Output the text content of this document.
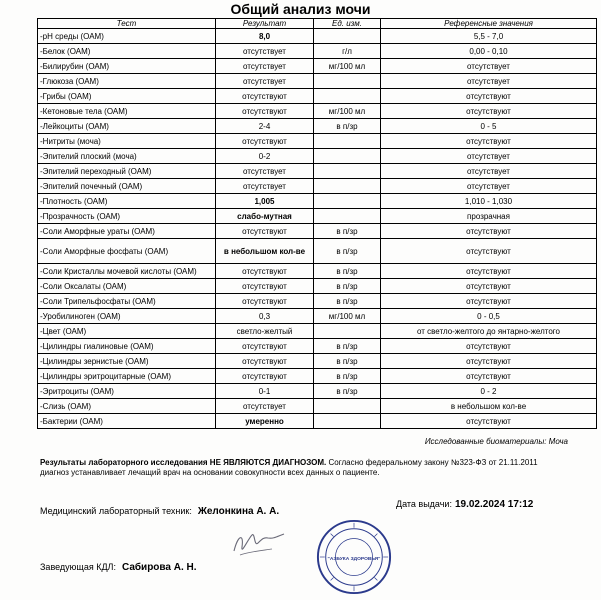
Общий анализ мочи
Тест	Результат	Ед. изм.	Референсные значения
-pH среды (ОАМ)	8,0		5,5 - 7,0
-Белок (ОАМ)	отсутствует	г/л	0,00 - 0,10
-Билирубин (ОАМ)	отсутствует	мг/100 мл	отсутствует
-Глюкоза (ОАМ)	отсутствует		отсутствует
-Грибы (ОАМ)	отсутствуют		отсутствуют
-Кетоновые тела (ОАМ)	отсутствуют	мг/100 мл	отсутствуют
-Лейкоциты (ОАМ)	2-4	в п/зр	0 - 5
-Нитриты (моча)	отсутствуют		отсутствуют
-Эпителий плоский (моча)	0-2		отсутствует
-Эпителий переходный (ОАМ)	отсутствует		отсутствует
-Эпителий почечный (ОАМ)	отсутствует		отсутствует
-Плотность (ОАМ)	1,005		1,010 - 1,030
-Прозрачность (ОАМ)	слабо-мутная		прозрачная
-Соли Аморфные ураты (ОАМ)	отсутствуют	в п/зр	отсутствуют
-Соли Аморфные фосфаты (ОАМ)	в небольшом кол-ве	в п/зр	отсутствуют
-Соли Кристаллы мочевой кислоты (ОАМ)	отсутствуют	в п/зр	отсутствуют
-Соли Оксалаты (ОАМ)	отсутствуют	в п/зр	отсутствуют
-Соли Трипельфосфаты (ОАМ)	отсутствуют	в п/зр	отсутствуют
-Уробилиноген (ОАМ)	0,3	мг/100 мл	0 - 0,5
-Цвет (ОАМ)	светло-желтый		от светло-желтого до янтарно-желтого
-Цилиндры гиалиновые (ОАМ)	отсутствуют	в п/зр	отсутствуют
-Цилиндры зернистые (ОАМ)	отсутствуют	в п/зр	отсутствуют
-Цилиндры эритроцитарные (ОАМ)	отсутствуют	в п/зр	отсутствуют
-Эритроциты (ОАМ)	0-1	в п/зр	0 - 2
-Слизь (ОАМ)	отсутствует		в небольшом кол-ве
-Бактерии (ОАМ)	умеренно		отсутствуют
Исследованные биоматериалы: Моча
Результаты лабораторного исследования НЕ ЯВЛЯЮТСЯ ДИАГНОЗОМ. Согласно федеральному закону №323-ФЗ от 21.11.2011 диагноз устанавливает лечащий врач на основании совокупности всех данных о пациенте.
Дата выдачи: 19.02.2024 17:12
Медицинский лабораторный техник: Желонкина А. А.
"АЗБУКА ЗДОРОВЬЯ"
Заведующая КДЛ: Сабирова А. Н.
